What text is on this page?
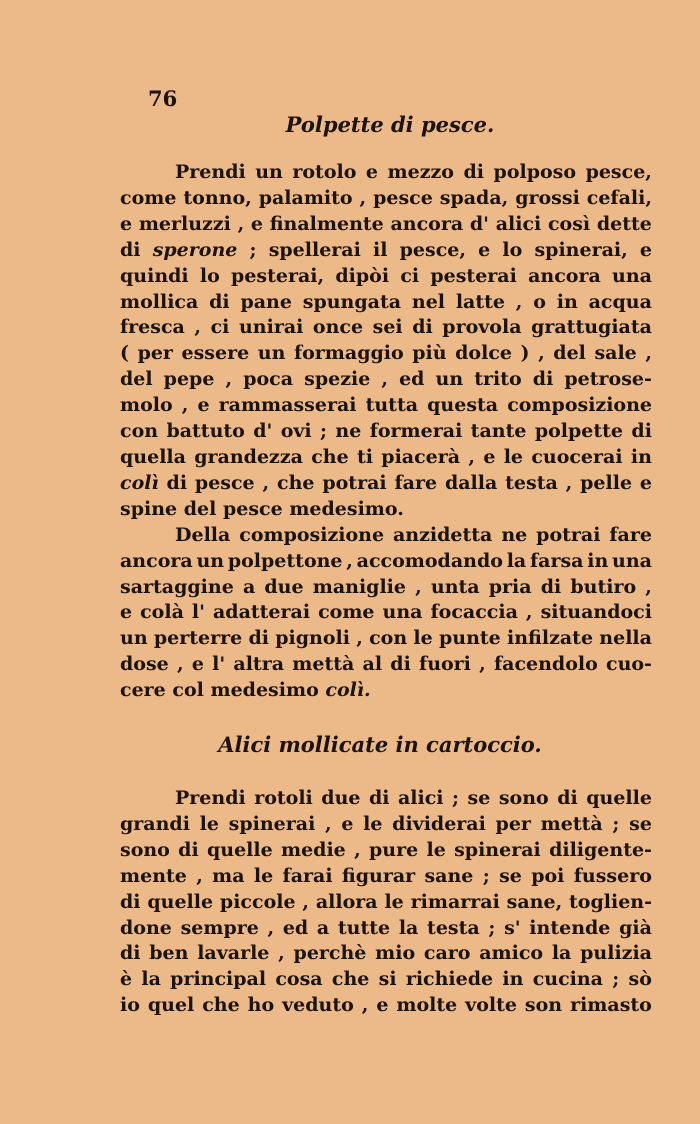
76
Polpette di pesce.
Prendi un rotolo e mezzo di polposo pesce,
come tonno, palamito , pesce spada, grossi cefali,
e merluzzi , e finalmente ancora d' alici così dette
di sperone ; spellerai il pesce, e lo spinerai, e
quindi lo pesterai, dipòi ci pesterai ancora una
mollica di pane spungata nel latte , o in acqua
fresca , ci unirai once sei di provola grattugiata
( per essere un formaggio più dolce ) , del sale ,
del pepe , poca spezie , ed un trito di petrose-
molo , e rammasserai tutta questa composizione
con battuto d' ovi ; ne formerai tante polpette di
quella grandezza che ti piacerà , e le cuocerai in
colì di pesce , che potrai fare dalla testa , pelle e
spine
del
pesce
medesimo.
Della composizione anzidetta ne potrai fare
ancora un polpettone , accomodando la farsa in una
sartaggine a due maniglie , unta pria di butiro ,
e colà l' adatterai come una focaccia , situandoci
un perterre di pignoli , con le punte infilzate nella
dose , e l' altra mettà al di fuori , facendolo cuo-
cere
col
medesimo
colì.
Alici mollicate in cartoccio.
Prendi rotoli due di alici ; se sono di quelle
grandi le spinerai , e le dividerai per mettà ; se
sono di quelle medie , pure le spinerai diligente-
mente , ma le farai figurar sane ; se poi fussero
di quelle piccole , allora le rimarrai sane, toglien-
done sempre , ed a tutte la testa ; s' intende già
di ben lavarle , perchè mio caro amico la pulizia
è la principal cosa che si richiede in cucina ; sò
io quel che ho veduto , e molte volte son rimasto
